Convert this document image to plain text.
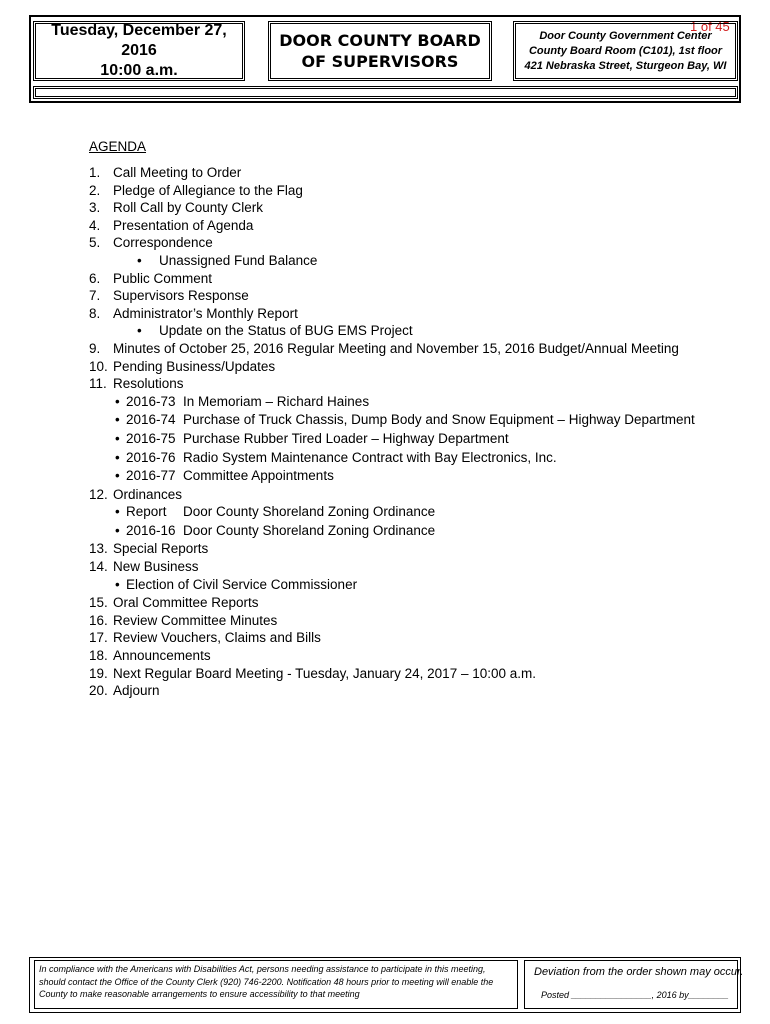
1 of 45
Tuesday, December 27, 2016
10:00 a.m.
DOOR COUNTY BOARD
OF SUPERVISORS
Door County Government Center
County Board Room (C101), 1st floor
421 Nebraska Street, Sturgeon Bay, WI
AGENDA
1. Call Meeting to Order
2. Pledge of Allegiance to the Flag
3. Roll Call by County Clerk
4. Presentation of Agenda
5. Correspondence
• Unassigned Fund Balance
6. Public Comment
7. Supervisors Response
8. Administrator’s Monthly Report
• Update on the Status of BUG EMS Project
9. Minutes of October 25, 2016 Regular Meeting and November 15, 2016 Budget/Annual Meeting
10. Pending Business/Updates
11. Resolutions
• 2016-73 In Memoriam – Richard Haines
• 2016-74 Purchase of Truck Chassis, Dump Body and Snow Equipment – Highway Department
• 2016-75 Purchase Rubber Tired Loader – Highway Department
• 2016-76 Radio System Maintenance Contract with Bay Electronics, Inc.
• 2016-77 Committee Appointments
12. Ordinances
• Report Door County Shoreland Zoning Ordinance
• 2016-16 Door County Shoreland Zoning Ordinance
13. Special Reports
14. New Business
• Election of Civil Service Commissioner
15. Oral Committee Reports
16. Review Committee Minutes
17. Review Vouchers, Claims and Bills
18. Announcements
19. Next Regular Board Meeting - Tuesday, January 24, 2017 – 10:00 a.m.
20. Adjourn
In compliance with the Americans with Disabilities Act, persons needing assistance to participate in this meeting,
should contact the Office of the County Clerk (920) 746-2200. Notification 48 hours prior to meeting will enable the
County to make reasonable arrangements to ensure accessibility to that meeting
Deviation from the order shown may occur.
Posted ________________, 2016 by________
